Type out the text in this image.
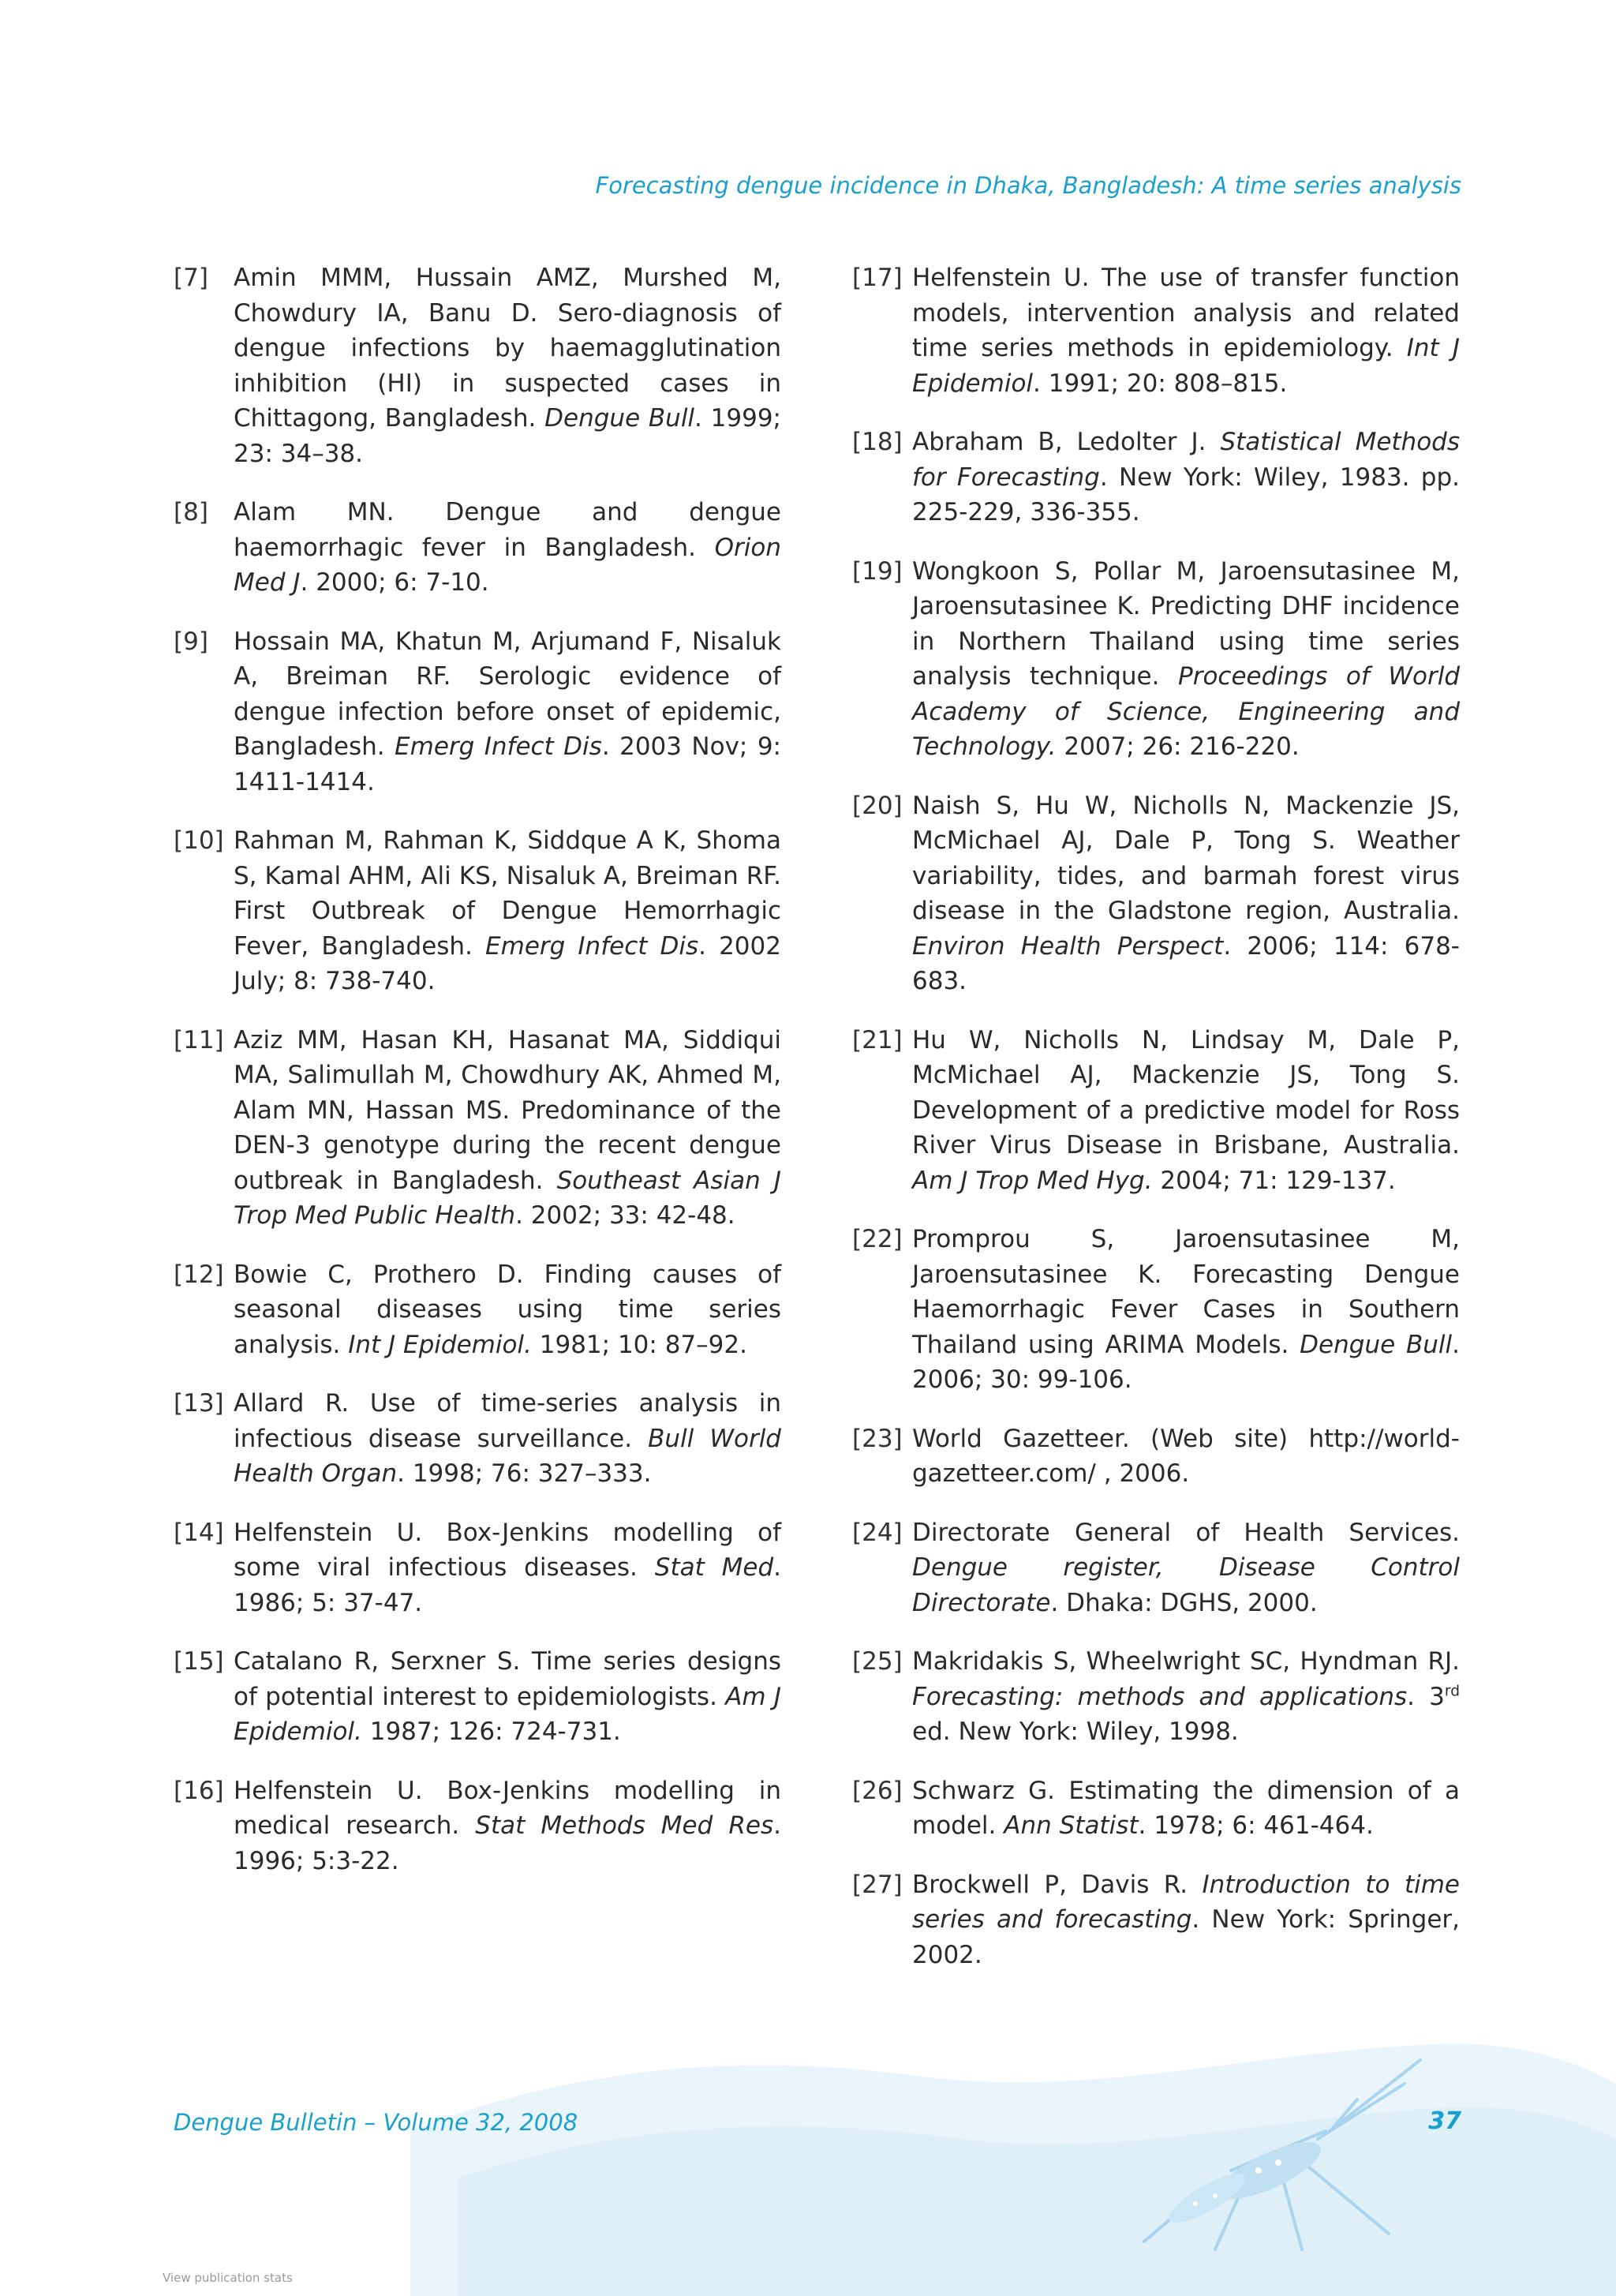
Forecasting dengue incidence in Dhaka, Bangladesh: A time series analysis
[7]	Amin MMM, Hussain AMZ, Murshed M, Chowdury IA, Banu D. Sero-diagnosis of dengue infections by haemagglutination inhibition (HI) in suspected cases in Chittagong, Bangladesh. Dengue Bull. 1999; 23: 34–38.
[8]	Alam MN. Dengue and dengue haemorrhagic fever in Bangladesh. Orion Med J. 2000; 6: 7-10.
[9]	Hossain MA, Khatun M, Arjumand F, Nisaluk A, Breiman RF. Serologic evidence of dengue infection before onset of epidemic, Bangladesh. Emerg Infect Dis. 2003 Nov; 9: 1411-1414.
[10] Rahman M, Rahman K, Siddque A K, Shoma S, Kamal AHM, Ali KS, Nisaluk A, Breiman RF. First Outbreak of Dengue Hemorrhagic Fever, Bangladesh. Emerg Infect Dis. 2002 July; 8: 738-740.
[11] Aziz MM, Hasan KH, Hasanat MA, Siddiqui MA, Salimullah M, Chowdhury AK, Ahmed M, Alam MN, Hassan MS. Predominance of the DEN-3 genotype during the recent dengue outbreak in Bangladesh. Southeast Asian J Trop Med Public Health. 2002; 33: 42-48.
[12] Bowie C, Prothero D. Finding causes of seasonal diseases using time series analysis. Int J Epidemiol. 1981; 10: 87–92.
[13] Allard R. Use of time-series analysis in infectious disease surveillance. Bull World Health Organ. 1998; 76: 327–333.
[14] Helfenstein U. Box-Jenkins modelling of some viral infectious diseases. Stat Med. 1986; 5: 37-47.
[15] Catalano R, Serxner S. Time series designs of potential interest to epidemiologists. Am J Epidemiol. 1987; 126: 724-731.
[16] Helfenstein U. Box-Jenkins modelling in medical research. Stat Methods Med Res. 1996; 5:3-22.
[17] Helfenstein U. The use of transfer function models, intervention analysis and related time series methods in epidemiology. Int J Epidemiol. 1991; 20: 808–815.
[18] Abraham B, Ledolter J. Statistical Methods for Forecasting. New York: Wiley, 1983. pp. 225-229, 336-355.
[19] Wongkoon S, Pollar M, Jaroensutasinee M, Jaroensutasinee K. Predicting DHF incidence in Northern Thailand using time series analysis technique. Proceedings of World Academy of Science, Engineering and Technology. 2007; 26: 216-220.
[20] Naish S, Hu W, Nicholls N, Mackenzie JS, McMichael AJ, Dale P, Tong S. Weather variability, tides, and barmah forest virus disease in the Gladstone region, Australia. Environ Health Perspect. 2006; 114: 678-683.
[21] Hu W, Nicholls N, Lindsay M, Dale P, McMichael AJ, Mackenzie JS, Tong S. Development of a predictive model for Ross River Virus Disease in Brisbane, Australia. Am J Trop Med Hyg. 2004; 71: 129-137.
[22] Promprou S, Jaroensutasinee M, Jaroensutasinee K. Forecasting Dengue Haemorrhagic Fever Cases in Southern Thailand using ARIMA Models. Dengue Bull. 2006; 30: 99-106.
[23] World Gazetteer. (Web site) http://world-gazetteer.com/ , 2006.
[24] Directorate General of Health Services. Dengue register, Disease Control Directorate. Dhaka: DGHS, 2000.
[25] Makridakis S, Wheelwright SC, Hyndman RJ. Forecasting: methods and applications. 3rd ed. New York: Wiley, 1998.
[26] Schwarz G. Estimating the dimension of a model. Ann Statist. 1978; 6: 461-464.
[27] Brockwell P, Davis R. Introduction to time series and forecasting. New York: Springer, 2002.
Dengue Bulletin – Volume 32, 2008	37
View publication stats
